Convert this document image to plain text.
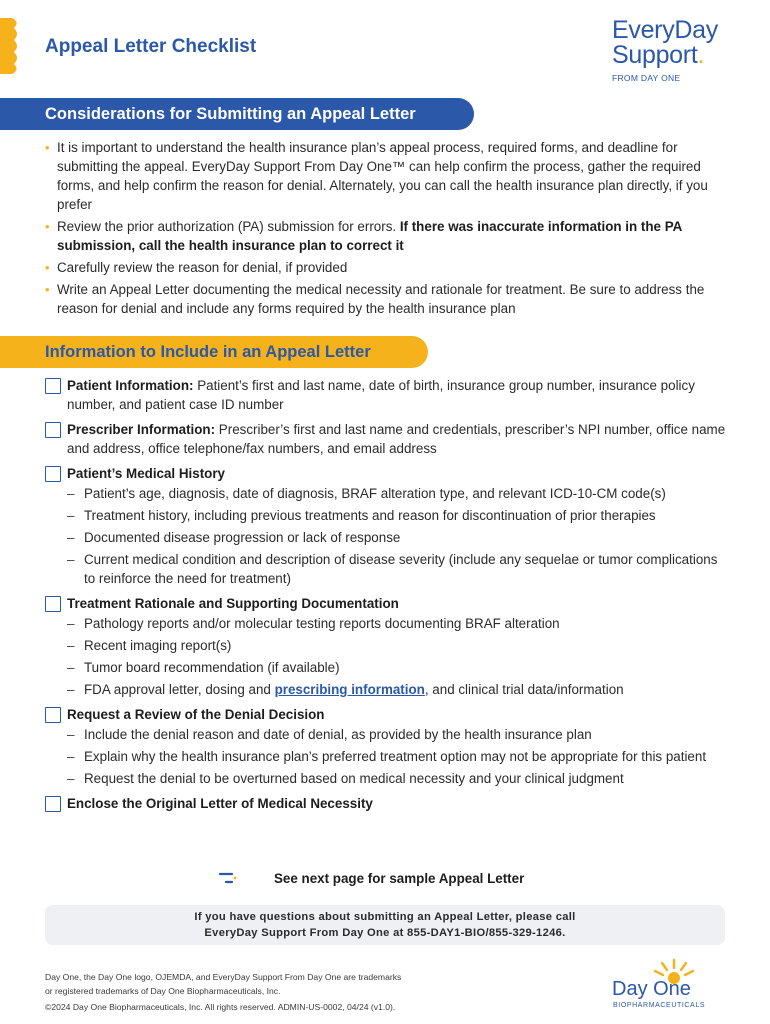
Appeal Letter Checklist
EveryDay
Support.
FROM DAY ONE
Considerations for Submitting an Appeal Letter
• It is important to understand the health insurance plan’s appeal process, required forms, and deadline for submitting the appeal. EveryDay Support From Day One™ can help confirm the process, gather the required forms, and help confirm the reason for denial. Alternately, you can call the health insurance plan directly, if you prefer
• Review the prior authorization (PA) submission for errors. If there was inaccurate information in the PA submission, call the health insurance plan to correct it
• Carefully review the reason for denial, if provided
• Write an Appeal Letter documenting the medical necessity and rationale for treatment. Be sure to address the reason for denial and include any forms required by the health insurance plan
Information to Include in an Appeal Letter
Patient Information: Patient’s first and last name, date of birth, insurance group number, insurance policy number, and patient case ID number
Prescriber Information: Prescriber’s first and last name and credentials, prescriber’s NPI number, office name and address, office telephone/fax numbers, and email address
Patient’s Medical History
– Patient’s age, diagnosis, date of diagnosis, BRAF alteration type, and relevant ICD-10-CM code(s)
– Treatment history, including previous treatments and reason for discontinuation of prior therapies
– Documented disease progression or lack of response
– Current medical condition and description of disease severity (include any sequelae or tumor complications to reinforce the need for treatment)
Treatment Rationale and Supporting Documentation
– Pathology reports and/or molecular testing reports documenting BRAF alteration
– Recent imaging report(s)
– Tumor board recommendation (if available)
– FDA approval letter, dosing and prescribing information, and clinical trial data/information
Request a Review of the Denial Decision
– Include the denial reason and date of denial, as provided by the health insurance plan
– Explain why the health insurance plan’s preferred treatment option may not be appropriate for this patient
– Request the denial to be overturned based on medical necessity and your clinical judgment
Enclose the Original Letter of Medical Necessity
See next page for sample Appeal Letter
If you have questions about submitting an Appeal Letter, please call
EveryDay Support From Day One at 855-DAY1-BIO/855-329-1246.
Day One, the Day One logo, OJEMDA, and EveryDay Support From Day One are trademarks
or registered trademarks of Day One Biopharmaceuticals, Inc.
©2024 Day One Biopharmaceuticals, Inc. All rights reserved. ADMIN-US-0002, 04/24 (v1.0).
Day One
BIOPHARMACEUTICALS
